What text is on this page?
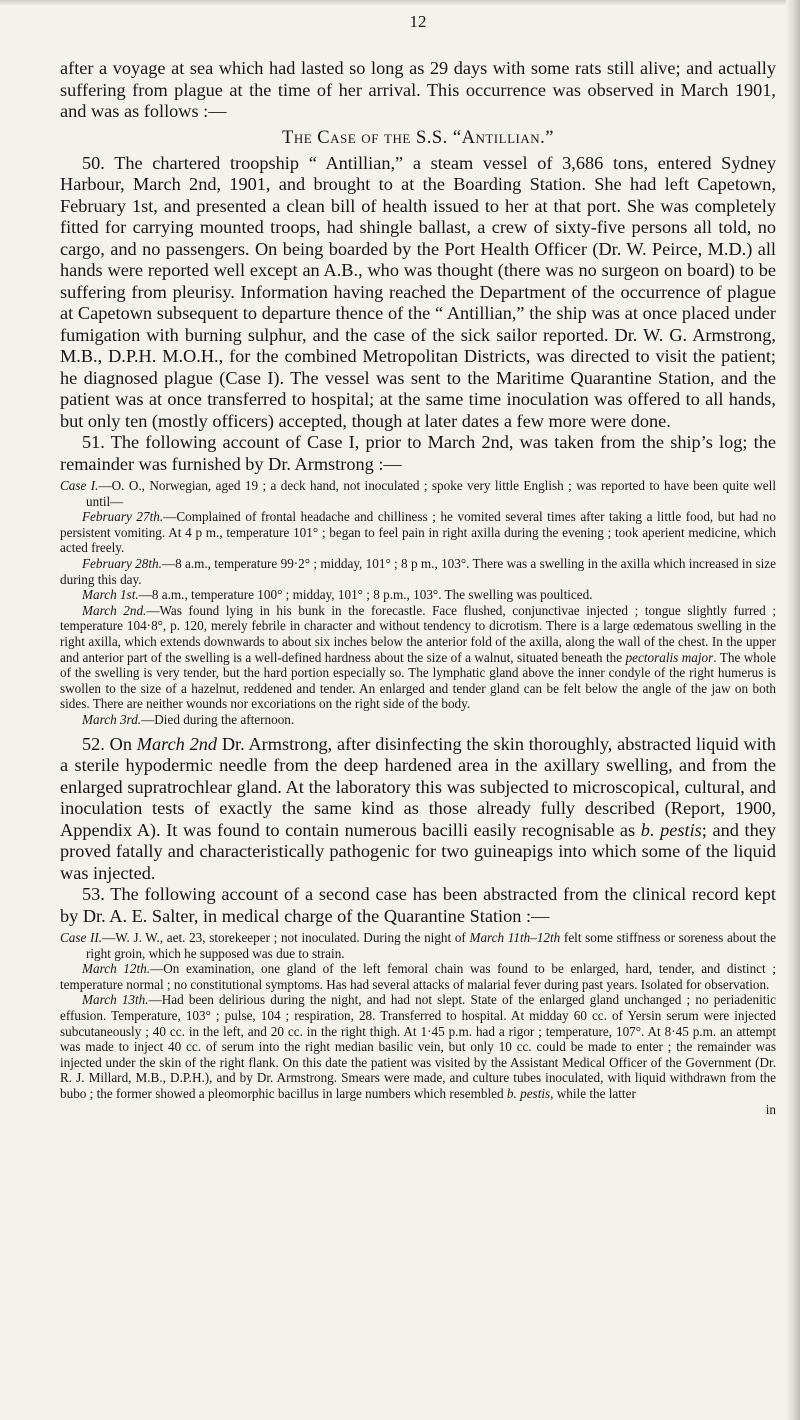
12

after a voyage at sea which had lasted so long as 29 days with some rats still alive; and actually suffering from plague at the time of her arrival. This occurrence was observed in March 1901, and was as follows :—

The Case of the S.S. “Antillian.”

50. The chartered troopship “ Antillian,” a steam vessel of 3,686 tons, entered Sydney Harbour, March 2nd, 1901, and brought to at the Boarding Station. She had left Capetown, February 1st, and presented a clean bill of health issued to her at that port. She was completely fitted for carrying mounted troops, had shingle ballast, a crew of sixty-five persons all told, no cargo, and no passengers. On being boarded by the Port Health Officer (Dr. W. Peirce, M.D.) all hands were reported well except an A.B., who was thought (there was no surgeon on board) to be suffering from pleurisy. Information having reached the Department of the occurrence of plague at Capetown subsequent to departure thence of the “ Antillian,” the ship was at once placed under fumigation with burning sulphur, and the case of the sick sailor reported. Dr. W. G. Armstrong, M.B., D.P.H. M.O.H., for the combined Metropolitan Districts, was directed to visit the patient; he diagnosed plague (Case I). The vessel was sent to the Maritime Quarantine Station, and the patient was at once transferred to hospital; at the same time inoculation was offered to all hands, but only ten (mostly officers) accepted, though at later dates a few more were done.

51. The following account of Case I, prior to March 2nd, was taken from the ship’s log; the remainder was furnished by Dr. Armstrong :—

Case I.—O. O., Norwegian, aged 19 ; a deck hand, not inoculated ; spoke very little English ; was reported to have been quite well until—

February 27th.—Complained of frontal headache and chilliness ; he vomited several times after taking a little food, but had no persistent vomiting. At 4 p m., temperature 101° ; began to feel pain in right axilla during the evening ; took aperient medicine, which acted freely.

February 28th.—8 a.m., temperature 99·2° ; midday, 101° ; 8 p m., 103°. There was a swelling in the axilla which increased in size during this day.

March 1st.—8 a.m., temperature 100° ; midday, 101° ; 8 p.m., 103°. The swelling was poulticed.

March 2nd.—Was found lying in his bunk in the forecastle. Face flushed, conjunctivae injected ; tongue slightly furred ; temperature 104·8°, p. 120, merely febrile in character and without tendency to dicrotism. There is a large œdematous swelling in the right axilla, which extends downwards to about six inches below the anterior fold of the axilla, along the wall of the chest. In the upper and anterior part of the swelling is a well-defined hardness about the size of a walnut, situated beneath the pectoralis major. The whole of the swelling is very tender, but the hard portion especially so. The lymphatic gland above the inner condyle of the right humerus is swollen to the size of a hazelnut, reddened and tender. An enlarged and tender gland can be felt below the angle of the jaw on both sides. There are neither wounds nor excoriations on the right side of the body.

March 3rd.—Died during the afternoon.

52. On March 2nd Dr. Armstrong, after disinfecting the skin thoroughly, abstracted liquid with a sterile hypodermic needle from the deep hardened area in the axillary swelling, and from the enlarged supratrochlear gland. At the laboratory this was subjected to microscopical, cultural, and inoculation tests of exactly the same kind as those already fully described (Report, 1900, Appendix A). It was found to contain numerous bacilli easily recognisable as b. pestis; and they proved fatally and characteristically pathogenic for two guineapigs into which some of the liquid was injected.

53. The following account of a second case has been abstracted from the clinical record kept by Dr. A. E. Salter, in medical charge of the Quarantine Station :—

Case II.—W. J. W., aet. 23, storekeeper ; not inoculated. During the night of March 11th–12th felt some stiffness or soreness about the right groin, which he supposed was due to strain.

March 12th.—On examination, one gland of the left femoral chain was found to be enlarged, hard, tender, and distinct ; temperature normal ; no constitutional symptoms. Has had several attacks of malarial fever during past years. Isolated for observation.

March 13th.—Had been delirious during the night, and had not slept. State of the enlarged gland unchanged ; no periadenitic effusion. Temperature, 103° ; pulse, 104 ; respiration, 28. Transferred to hospital. At midday 60 cc. of Yersin serum were injected subcutaneously ; 40 cc. in the left, and 20 cc. in the right thigh. At 1·45 p.m. had a rigor ; temperature, 107°. At 8·45 p.m. an attempt was made to inject 40 cc. of serum into the right median basilic vein, but only 10 cc. could be made to enter ; the remainder was injected under the skin of the right flank. On this date the patient was visited by the Assistant Medical Officer of the Government (Dr. R. J. Millard, M.B., D.P.H.), and by Dr. Armstrong. Smears were made, and culture tubes inoculated, with liquid withdrawn from the bubo ; the former showed a pleomorphic bacillus in large numbers which resembled b. pestis, while the latter

in
